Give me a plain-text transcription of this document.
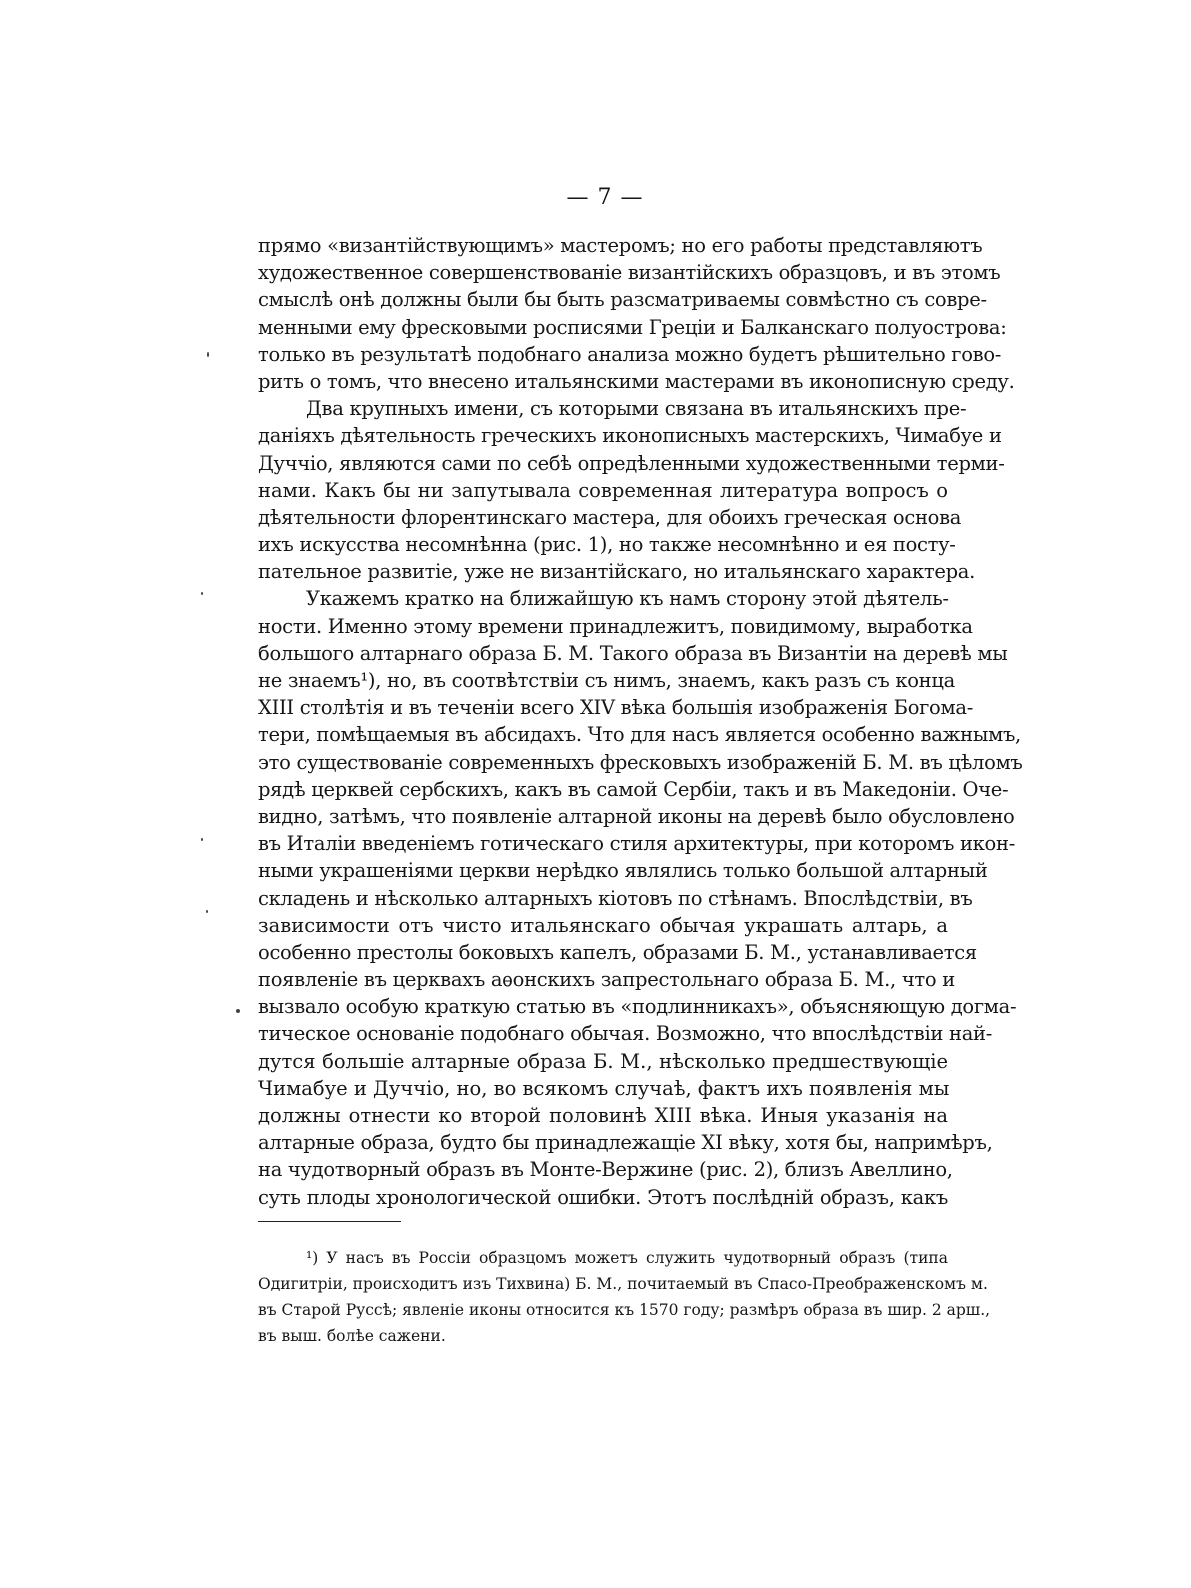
— 7 —
прямо «византійствующимъ» мастеромъ; но его работы представляютъ
художественное совершенствованіе византійскихъ образцовъ, и въ этомъ
смыслѣ онѣ должны были бы быть разсматриваемы совмѣстно съ совре-
менными ему фресковыми росписями Греціи и Балканскаго полуострова:
только въ результатѣ подобнаго анализа можно будетъ рѣшительно гово-
рить о томъ, что внесено итальянскими мастерами въ иконописную среду.
Два крупныхъ имени, съ которыми связана въ итальянскихъ пре-
даніяхъ дѣятельность греческихъ иконописныхъ мастерскихъ, Чимабуе и
Дуччіо, являются сами по себѣ опредѣленными художественными терми-
нами. Какъ бы ни запутывала современная литература вопросъ о
дѣятельности флорентинскаго мастера, для обоихъ греческая основа
ихъ искусства несомнѣнна (рис. 1), но также несомнѣнно и ея посту-
пательное развитіе, уже не византійскаго, но итальянскаго характера.
Укажемъ кратко на ближайшую къ намъ сторону этой дѣятель-
ности. Именно этому времени принадлежитъ, повидимому, выработка
большого алтарнаго образа Б. М. Такого образа въ Византіи на деревѣ мы
не знаемъ¹), но, въ соотвѣтствіи съ нимъ, знаемъ, какъ разъ съ конца
XIII столѣтія и въ теченіи всего XIV вѣка большія изображенія Богома-
тери, помѣщаемыя въ абсидахъ. Что для насъ является особенно важнымъ,
это существованіе современныхъ фресковыхъ изображеній Б. М. въ цѣломъ
рядѣ церквей сербскихъ, какъ въ самой Сербіи, такъ и въ Македоніи. Оче-
видно, затѣмъ, что появленіе алтарной иконы на деревѣ было обусловлено
въ Италіи введеніемъ готическаго стиля архитектуры, при которомъ икон-
ными украшеніями церкви нерѣдко являлись только большой алтарный
складень и нѣсколько алтарныхъ кіотовъ по стѣнамъ. Впослѣдствіи, въ
зависимости отъ чисто итальянскаго обычая украшать алтарь, а
особенно престолы боковыхъ капелъ, образами Б. М., устанавливается
появленіе въ церквахъ аѳонскихъ запрестольнаго образа Б. М., что и
вызвало особую краткую статью въ «подлинникахъ», объясняющую догма-
тическое основаніе подобнаго обычая. Возможно, что впослѣдствіи най-
дутся большіе алтарные образа Б. М., нѣсколько предшествующіе
Чимабуе и Дуччіо, но, во всякомъ случаѣ, фактъ ихъ появленія мы
должны отнести ко второй половинѣ XIII вѣка. Иныя указанія на
алтарные образа, будто бы принадлежащіе XI вѣку, хотя бы, напримѣръ,
на чудотворный образъ въ Монте-Вержине (рис. 2), близъ Авеллино,
суть плоды хронологической ошибки. Этотъ послѣдній образъ, какъ
¹) У насъ въ Россіи образцомъ можетъ служить чудотворный образъ (типа
Одигитріи, происходитъ изъ Тихвина) Б. М., почитаемый въ Спасо-Преображенскомъ м.
въ Старой Руссѣ; явленіе иконы относится къ 1570 году; размѣръ образа въ шир. 2 арш.,
въ выш. болѣе сажени.
